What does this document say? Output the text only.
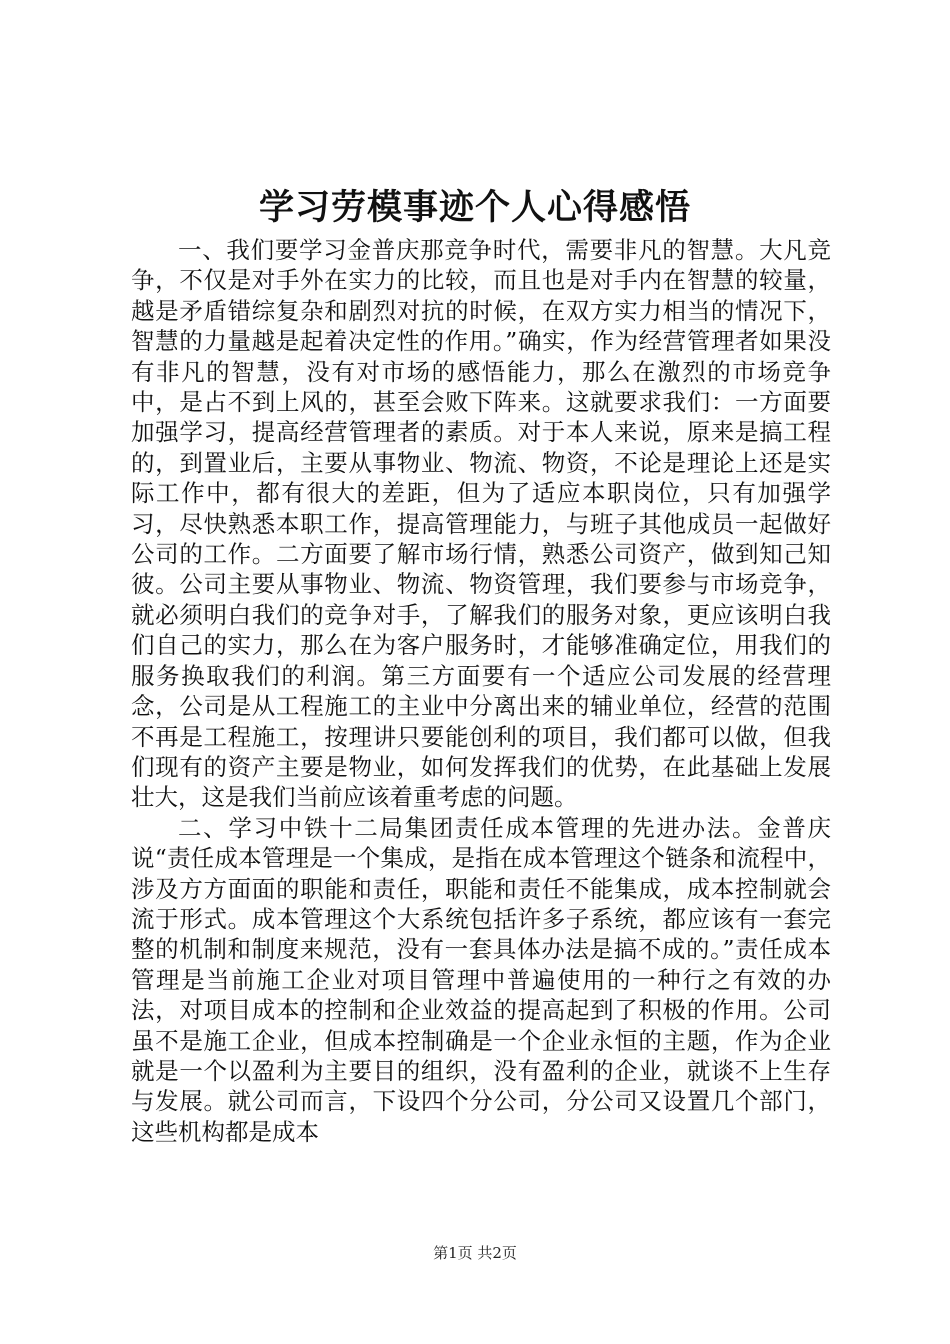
学习劳模事迹个人心得感悟

一、我们要学习金普庆那竞争时代，需要非凡的智慧。大凡竞争，不仅是对手外在实力的比较，而且也是对手内在智慧的较量，越是矛盾错综复杂和剧烈对抗的时候，在双方实力相当的情况下，智慧的力量越是起着决定性的作用。”确实，作为经营管理者如果没有非凡的智慧，没有对市场的感悟能力，那么在激烈的市场竞争中，是占不到上风的，甚至会败下阵来。这就要求我们：一方面要加强学习，提高经营管理者的素质。对于本人来说，原来是搞工程的，到置业后，主要从事物业、物流、物资，不论是理论上还是实际工作中，都有很大的差距，但为了适应本职岗位，只有加强学习，尽快熟悉本职工作，提高管理能力，与班子其他成员一起做好公司的工作。二方面要了解市场行情，熟悉公司资产，做到知己知彼。公司主要从事物业、物流、物资管理，我们要参与市场竞争，就必须明白我们的竞争对手，了解我们的服务对象，更应该明白我们自己的实力，那么在为客户服务时，才能够准确定位，用我们的服务换取我们的利润。第三方面要有一个适应公司发展的经营理念，公司是从工程施工的主业中分离出来的辅业单位，经营的范围不再是工程施工，按理讲只要能创利的项目，我们都可以做，但我们现有的资产主要是物业，如何发挥我们的优势，在此基础上发展壮大，这是我们当前应该着重考虑的问题。

二、学习中铁十二局集团责任成本管理的先进办法。金普庆说“责任成本管理是一个集成，是指在成本管理这个链条和流程中，涉及方方面面的职能和责任，职能和责任不能集成，成本控制就会流于形式。成本管理这个大系统包括许多子系统，都应该有一套完整的机制和制度来规范，没有一套具体办法是搞不成的。”责任成本管理是当前施工企业对项目管理中普遍使用的一种行之有效的办法，对项目成本的控制和企业效益的提高起到了积极的作用。公司虽不是施工企业，但成本控制确是一个企业永恒的主题，作为企业就是一个以盈利为主要目的组织，没有盈利的企业，就谈不上生存与发展。就公司而言，下设四个分公司，分公司又设置几个部门，这些机构都是成本

第1页 共2页
